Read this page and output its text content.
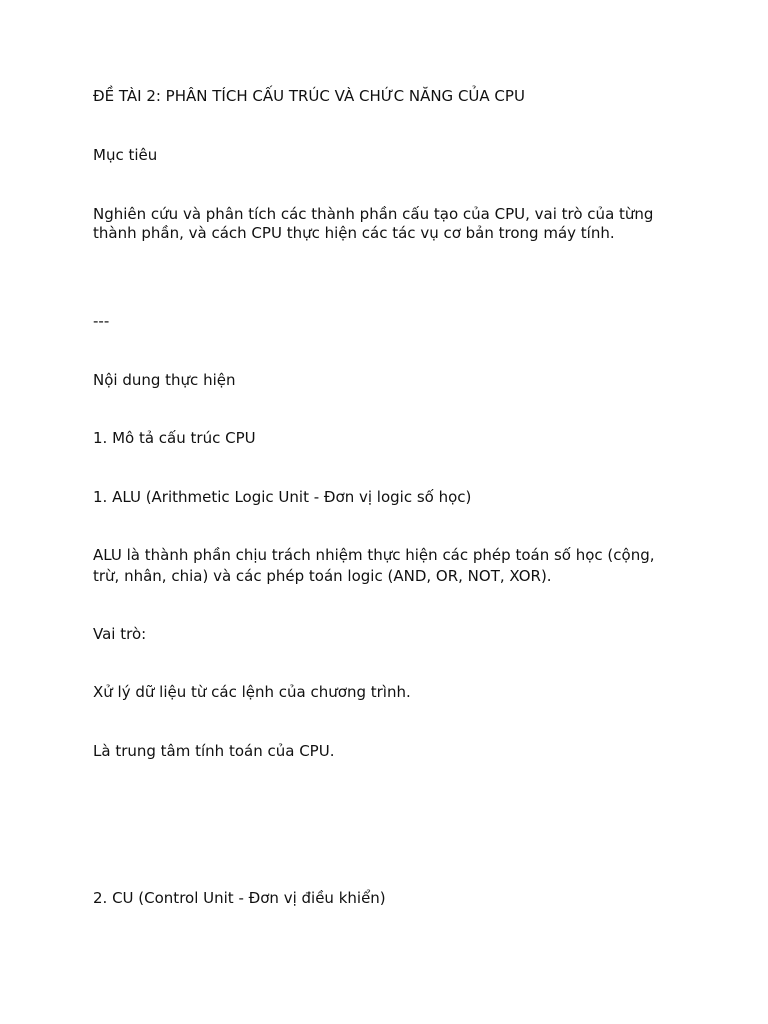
ĐỀ TÀI 2: PHÂN TÍCH CẤU TRÚC VÀ CHỨC NĂNG CỦA CPU
Mục tiêu
Nghiên cứu và phân tích các thành phần cấu tạo của CPU, vai trò của từng
thành phần, và cách CPU thực hiện các tác vụ cơ bản trong máy tính.
---
Nội dung thực hiện
1. Mô tả cấu trúc CPU
1. ALU (Arithmetic Logic Unit - Đơn vị logic số học)
ALU là thành phần chịu trách nhiệm thực hiện các phép toán số học (cộng,
trừ, nhân, chia) và các phép toán logic (AND, OR, NOT, XOR).
Vai trò:
Xử lý dữ liệu từ các lệnh của chương trình.
Là trung tâm tính toán của CPU.
2. CU (Control Unit - Đơn vị điều khiển)
